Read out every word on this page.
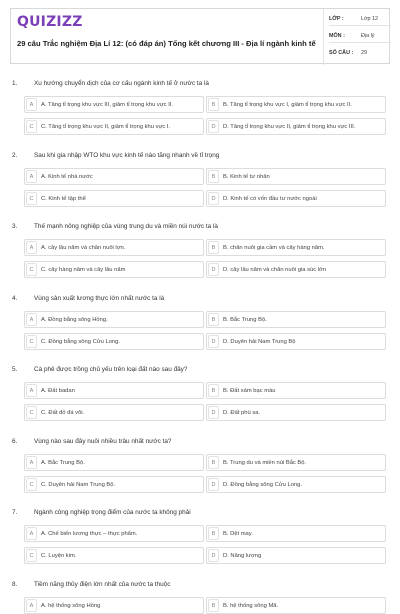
QUIZIZZ
29 câu Trắc nghiệm Địa Lí 12: (có đáp án) Tổng kết chương III - Địa lí ngành kinh tế
LỚP :	Lớp 12
MÔN :	Địa lý
SỐ CÂU : 29
1.	Xu hướng chuyển dịch của cơ cấu ngành kinh tế ở nước ta là
A	A. Tăng tỉ trọng khu vực III, giảm tỉ trọng khu vực II.	B	B. Tăng tỉ trọng khu vực I, giảm tỉ trọng khu vực II.
C	C. Tăng tỉ trọng khu vực II, giảm tỉ trọng khu vực I.	D	D. Tăng tỉ trọng khu vực II, giảm tỉ trọng khu vực III.
2.	Sau khi gia nhập WTO khu vực kinh tế nào tăng nhanh về tỉ trọng
A	A. Kinh tế nhà nước	B	B. Kinh tế tư nhân
C	C. Kinh tế tập thể	D	D. Kinh tế có vốn đầu tư nước ngoài
3.	Thế mạnh nông nghiệp của vùng trung du và miền núi nước ta là
A	A. cây lâu năm và chăn nuôi lợn.	B	B. chăn nuôi gia cầm và cây hàng năm.
C	C. cây hàng năm và cây lâu năm	D	D. cây lâu năm và chăn nuôi gia súc lớn
4.	Vùng sản xuất lương thực lớn nhất nước ta là
A	A. Đồng bằng sông Hồng.	B	B. Bắc Trung Bộ.
C	C. Đồng bằng sông Cửu Long.	D	D. Duyên hải Nam Trung Bộ
5.	Cà phê được trồng chủ yếu trên loại đất nào sau đây?
A	A. Đất badan	B	B. Đất xám bạc màu
C	C. Đất đỏ đá vôi.	D	D. Đất phù sa.
6.	Vùng nào sau đây nuôi nhiều trâu nhất nước ta?
A	A. Bắc Trung Bộ.	B	B. Trung du và miền núi Bắc Bộ.
C	C. Duyên hải Nam Trung Bộ.	D	D. Đồng bằng sông Cửu Long.
7.	Ngành công nghiệp trọng điểm của nước ta không phải
A	A. Chế biến lương thực – thực phẩm.	B	B. Dệt may.
C	C. Luyện kim.	D	D. Năng lượng
8.	Tiềm năng thủy điện lớn nhất của nước ta thuộc
A	A. hệ thống sông Hồng	B	B. hệ thống sông Mã.
